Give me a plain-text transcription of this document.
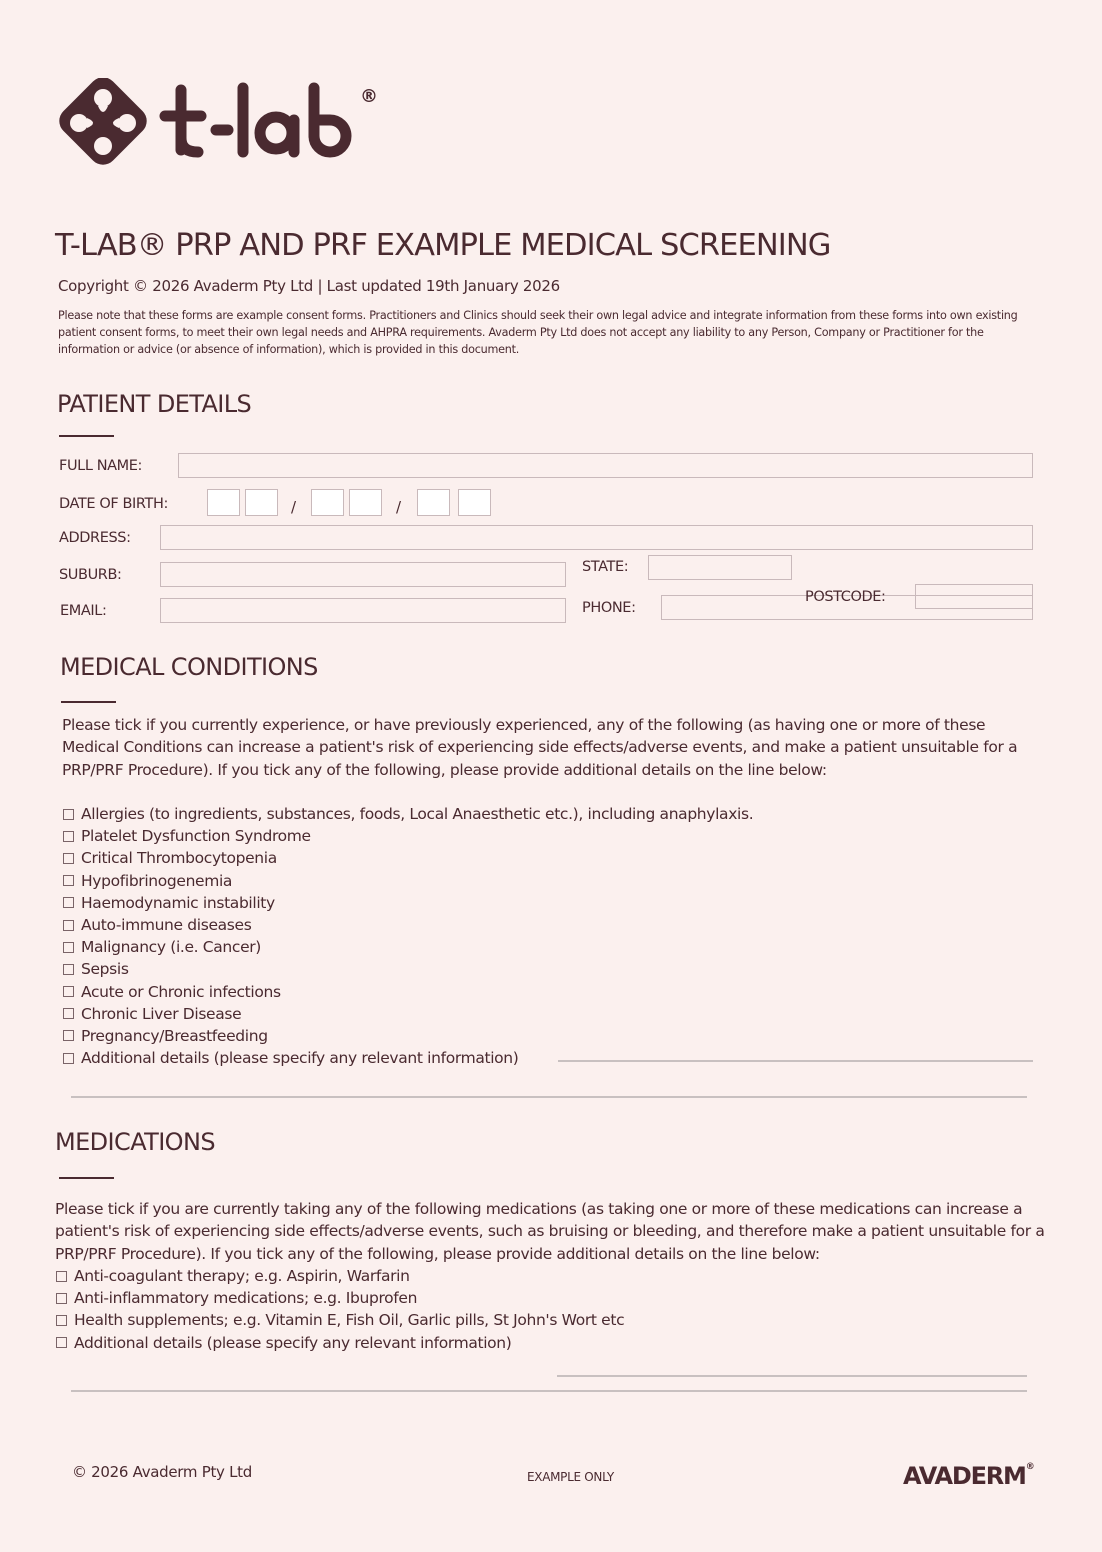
®
T-LAB® PRP AND PRF EXAMPLE MEDICAL SCREENING
Copyright © 2026 Avaderm Pty Ltd | Last updated 19th January 2026
Please note that these forms are example consent forms. Practitioners and Clinics should seek their own legal advice and integrate information from these forms into own existing patient consent forms, to meet their own legal needs and AHPRA requirements. Avaderm Pty Ltd does not accept any liability to any Person, Company or Practitioner for the information or advice (or absence of information), which is provided in this document.
PATIENT DETAILS
FULL NAME:
DATE OF BIRTH:	/	/
ADDRESS:
SUBURB:	STATE:
EMAIL:	PHONE:
POSTCODE:
MEDICAL CONDITIONS
Please tick if you currently experience, or have previously experienced, any of the following (as having one or more of these Medical Conditions can increase a patient's risk of experiencing side effects/adverse events, and make a patient unsuitable for a PRP/PRF Procedure). If you tick any of the following, please provide additional details on the line below:
Allergies (to ingredients, substances, foods, Local Anaesthetic etc.), including anaphylaxis.
Platelet Dysfunction Syndrome
Critical Thrombocytopenia
Hypofibrinogenemia
Haemodynamic instability
Auto-immune diseases
Malignancy (i.e. Cancer)
Sepsis
Acute or Chronic infections
Chronic Liver Disease
Pregnancy/Breastfeeding
Additional details (please specify any relevant information)
MEDICATIONS
Please tick if you are currently taking any of the following medications (as taking one or more of these medications can increase a patient's risk of experiencing side effects/adverse events, such as bruising or bleeding, and therefore make a patient unsuitable for a PRP/PRF Procedure). If you tick any of the following, please provide additional details on the line below:
Anti-coagulant therapy; e.g. Aspirin, Warfarin
Anti-inflammatory medications; e.g. Ibuprofen
Health supplements; e.g. Vitamin E, Fish Oil, Garlic pills, St John's Wort etc
Additional details (please specify any relevant information)
© 2026 Avaderm Pty Ltd	EXAMPLE ONLY	AVADERM®
